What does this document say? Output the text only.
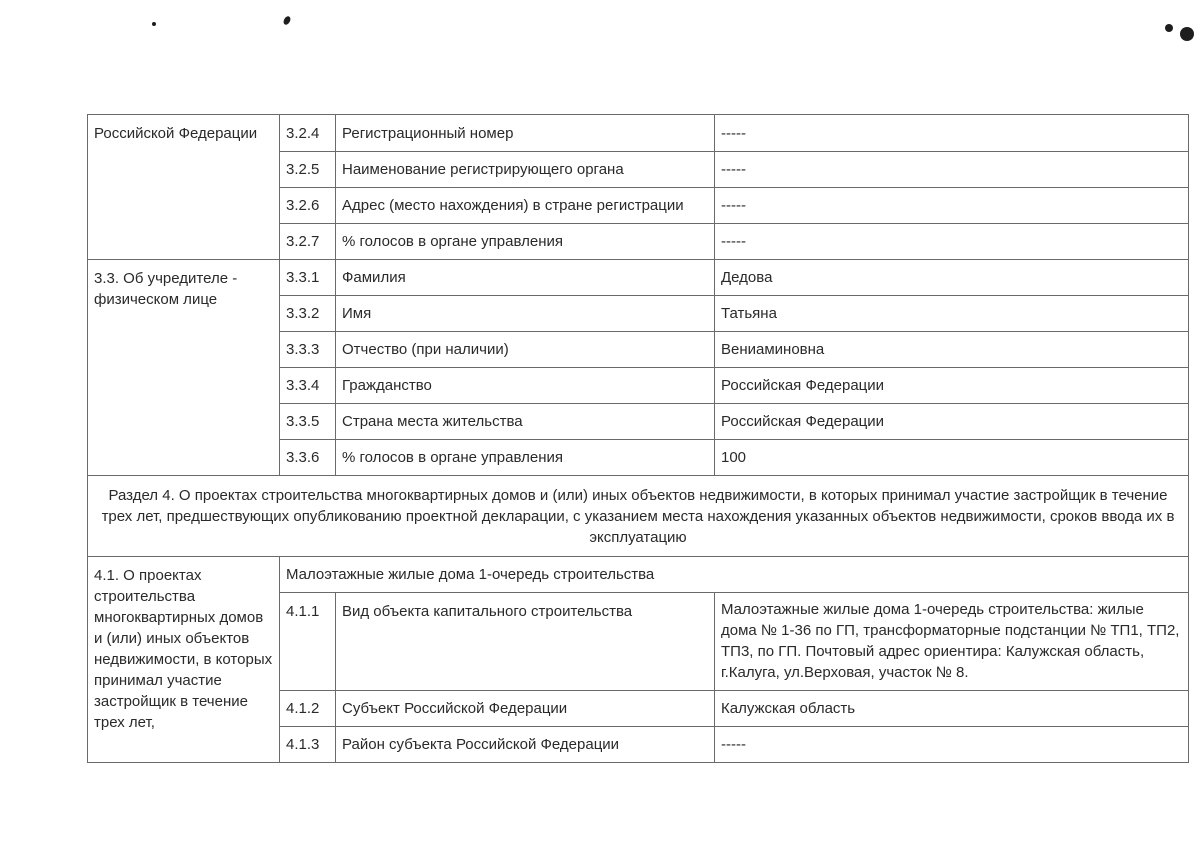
Российской Федерации	3.2.4	Регистрационный номер	-----
	3.2.5	Наименование регистрирующего органа	-----
	3.2.6	Адрес (место нахождения) в стране регистрации	-----
	3.2.7	% голосов в органе управления	-----
3.3. Об учредителе - физическом лице	3.3.1	Фамилия	Дедова
	3.3.2	Имя	Татьяна
	3.3.3	Отчество (при наличии)	Вениаминовна
	3.3.4	Гражданство	Российская Федерации
	3.3.5	Страна места жительства	Российская Федерации
	3.3.6	% голосов в органе управления	100
Раздел 4. О проектах строительства многоквартирных домов и (или) иных объектов недвижимости, в которых принимал участие застройщик в течение трех лет, предшествующих опубликованию проектной декларации, с указанием места нахождения указанных объектов недвижимости, сроков ввода их в эксплуатацию			
4.1. О проектах строительства многоквартирных домов и (или) иных объектов недвижимости, в которых принимал участие застройщик в течение трех лет,	Малоэтажные жилые дома 1-очередь строительства		
	4.1.1	Вид объекта капитального строительства	Малоэтажные жилые дома 1-очередь строительства: жилые дома № 1-36 по ГП, трансформаторные подстанции № ТП1, ТП2, ТП3, по ГП. Почтовый адрес ориентира: Калужская область, г.Калуга, ул.Верховая, участок № 8.
	4.1.2	Субъект Российской Федерации	Калужская область
	4.1.3	Район субъекта Российской Федерации	-----
